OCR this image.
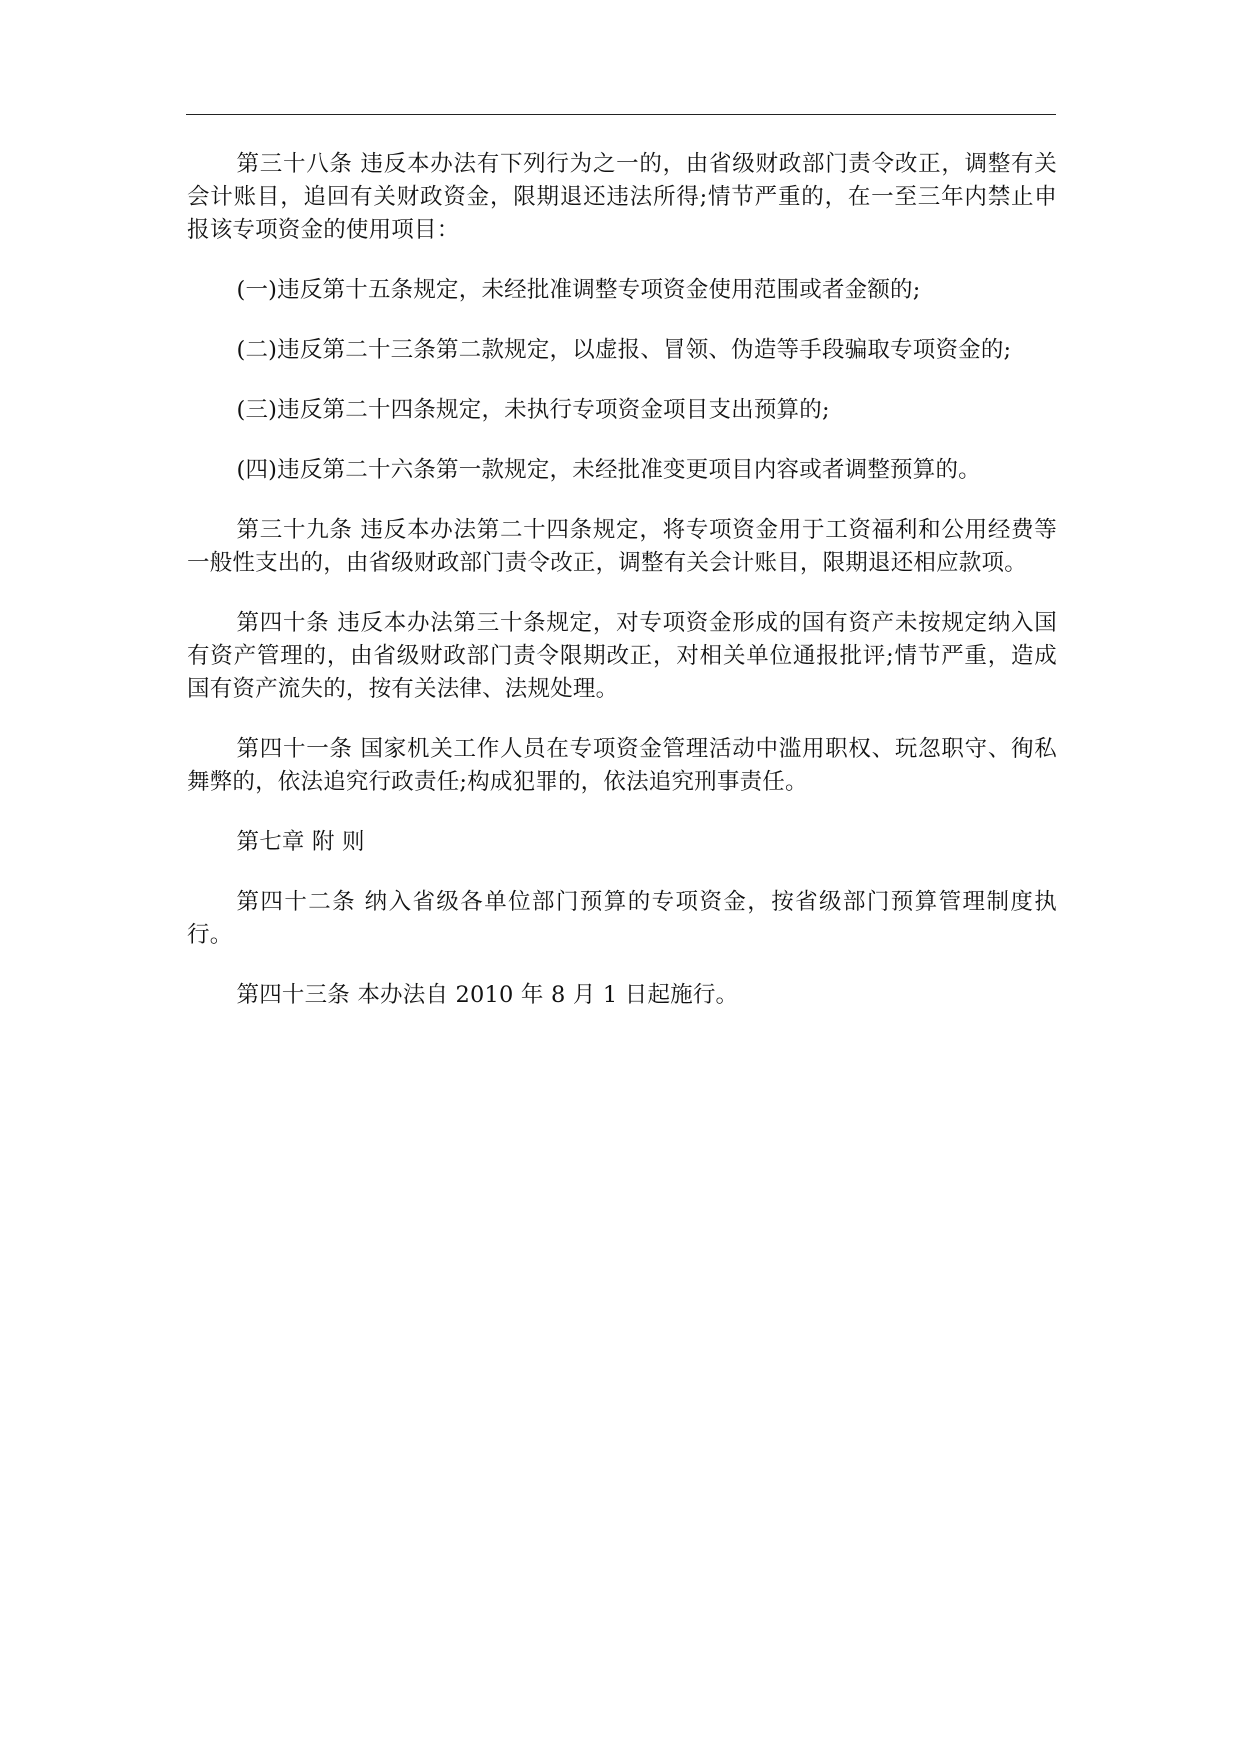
第三十八条 违反本办法有下列行为之一的，由省级财政部门责令改正，调整有关会计账目，追回有关财政资金，限期退还违法所得;情节严重的，在一至三年内禁止申报该专项资金的使用项目：

(一)违反第十五条规定，未经批准调整专项资金使用范围或者金额的;

(二)违反第二十三条第二款规定，以虚报、冒领、伪造等手段骗取专项资金的;

(三)违反第二十四条规定，未执行专项资金项目支出预算的;

(四)违反第二十六条第一款规定，未经批准变更项目内容或者调整预算的。

第三十九条 违反本办法第二十四条规定，将专项资金用于工资福利和公用经费等一般性支出的，由省级财政部门责令改正，调整有关会计账目，限期退还相应款项。

第四十条 违反本办法第三十条规定，对专项资金形成的国有资产未按规定纳入国有资产管理的，由省级财政部门责令限期改正，对相关单位通报批评;情节严重，造成国有资产流失的，按有关法律、法规处理。

第四十一条 国家机关工作人员在专项资金管理活动中滥用职权、玩忽职守、徇私舞弊的，依法追究行政责任;构成犯罪的，依法追究刑事责任。

第七章 附 则

第四十二条 纳入省级各单位部门预算的专项资金，按省级部门预算管理制度执行。

第四十三条 本办法自 2010 年 8 月 1 日起施行。
